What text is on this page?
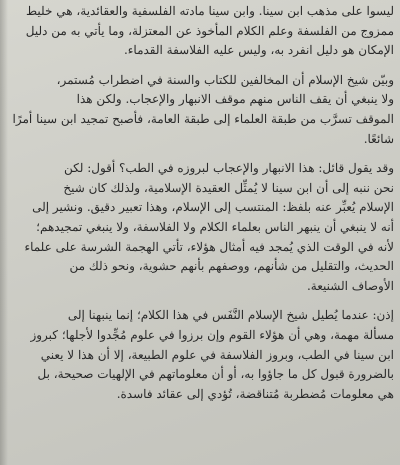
ليسوا على مذهب ابن سينا. وابن سينا مادته الفلسفية والعقائدية، هي خليط
ممزوج من الفلسفة وعلم الكلام المأخوذ عن المعتزلة، وما يأتي به من دليل
الإمكان هو دليل انفرد به، وليس عليه الفلاسفة القدماء.
وبيّن شيخ الإسلام أن المخالفين للكتاب والسنة في اضطراب مُستمر،
ولا ينبغي أن يقف الناس منهم موقف الانبهار والإعجاب. ولكن هذا
الموقف تسرَّب من طبقة العلماء إلى طبقة العامة، فأصبح تمجيد ابن سينا أمرًا
شائعًا.
وقد يقول قائل: هذا الانبهار والإعجاب لبروزه في الطب؟ أقول: لكن
نحن ننبه إلى أن ابن سينا لا يُمثِّل العقيدة الإسلامية، ولذلك كان شيخ
الإسلام يُعبِّر عنه بلفظ: المنتسب إلى الإسلام، وهذا تعبير دقيق. ونشير إلى
أنه لا ينبغي أن ينبهر الناس بعلماء الكلام ولا الفلاسفة، ولا ينبغي تمجيدهم؛
لأنه في الوقت الذي يُمجد فيه أمثال هؤلاء، تأتي الهجمة الشرسة على علماء
الحديث، والتقليل من شأنهم، ووصفهم بأنهم حشوية، ونحو ذلك من
الأوصاف الشنيعة.
إذن: عندما يُطيل شيخ الإسلام النَّفَس في هذا الكلام؛ إنما ينبهنا إلى
مسألة مهمة، وهي أن هؤلاء القوم وإن برزوا في علوم مُجِّدوا لأجلها؛ كبروز
ابن سينا في الطب، وبروز الفلاسفة في علوم الطبيعة، إلا أن هذا لا يعني
بالضرورة قبول كل ما جاؤوا به، أو أن معلوماتهم في الإلهيات صحيحة، بل
هي معلومات مُضطربة مُتناقضة، تُؤدي إلى عقائد فاسدة.
